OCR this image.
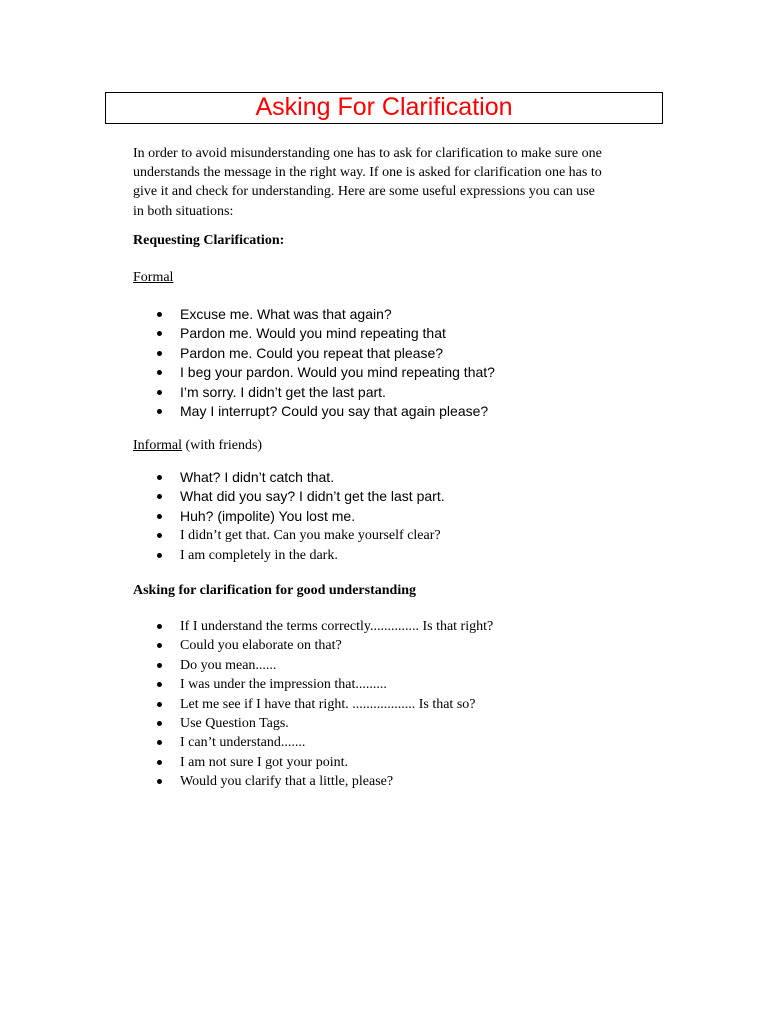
Asking For Clarification

In order to avoid misunderstanding one has to ask for clarification to make sure one
understands the message in the right way. If one is asked for clarification one has to
give it and check for understanding. Here are some useful expressions you can use
in both situations:

Requesting Clarification:

Formal

Excuse me. What was that again?
Pardon me. Would you mind repeating that
Pardon me. Could you repeat that please?
I beg your pardon. Would you mind repeating that?
I’m sorry. I didn’t get the last part.
May I interrupt? Could you say that again please?

Informal (with friends)

What? I didn’t catch that.
What did you say? I didn’t get the last part.
Huh? (impolite) You lost me.
I didn’t get that. Can you make yourself clear?
I am completely in the dark.

Asking for clarification for good understanding

If I understand the terms correctly.............. Is that right?
Could you elaborate on that?
Do you mean......
I was under the impression that.........
Let me see if I have that right. .................. Is that so?
Use Question Tags.
I can’t understand.......
I am not sure I got your point.
Would you clarify that a little, please?
